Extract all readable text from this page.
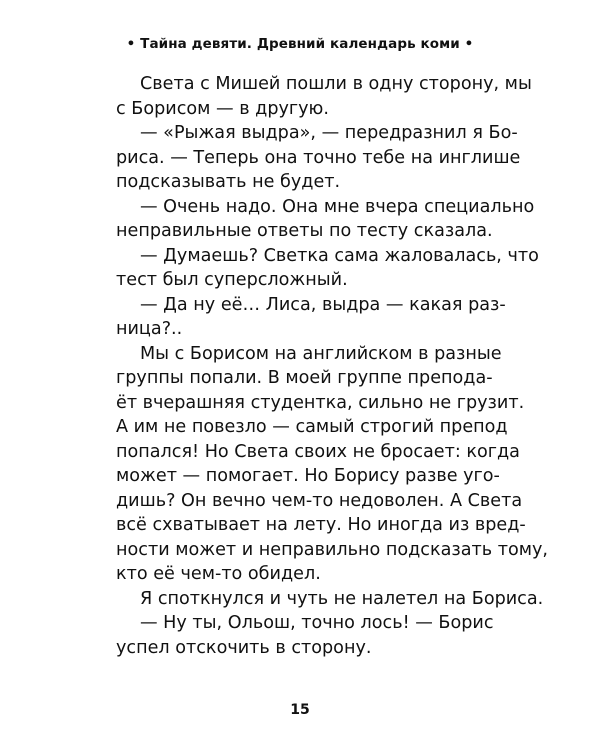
• Тайна девяти. Древний календарь коми •
Света с Мишей пошли в одну сторону, мы
с Борисом — в другую.
— «Рыжая выдра», — передразнил я Бо-
риса. — Теперь она точно тебе на инглише
подсказывать не будет.
— Очень надо. Она мне вчера специально
неправильные ответы по тесту сказала.
— Думаешь? Светка сама жаловалась, что
тест был суперсложный.
— Да ну её… Лиса, выдра — какая раз-
ница?..
Мы с Борисом на английском в разные
группы попали. В моей группе препода-
ёт вчерашняя студентка, сильно не грузит.
А им не повезло — самый строгий препод
попался! Но Света своих не бросает: когда
может — помогает. Но Борису разве уго-
дишь? Он вечно чем-то недоволен. А Света
всё схватывает на лету. Но иногда из вред-
ности может и неправильно подсказать тому,
кто её чем-то обидел.
Я споткнулся и чуть не налетел на Бориса.
— Ну ты, Ольош, точно лось! — Борис
успел отскочить в сторону.
15
